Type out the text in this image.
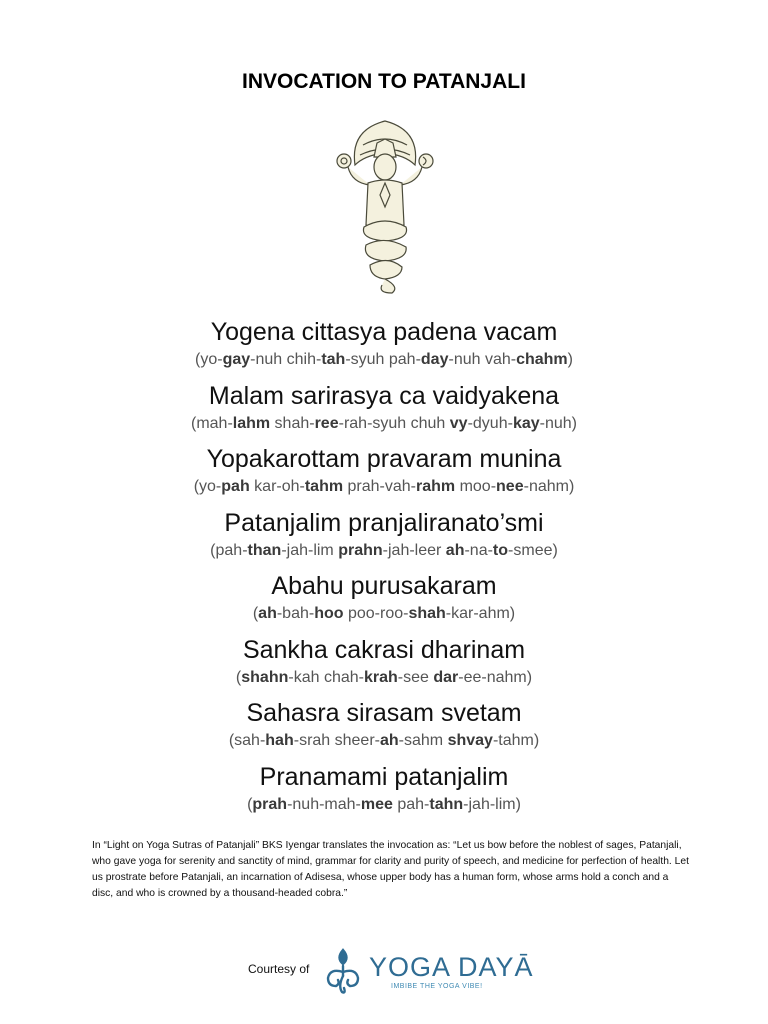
INVOCATION TO PATANJALI
Yogena cittasya padena vacam
(yo-gay-nuh chih-tah-syuh pah-day-nuh vah-chahm)
Malam sarirasya ca vaidyakena
(mah-lahm shah-ree-rah-syuh chuh vy-dyuh-kay-nuh)
Yopakarottam pravaram munina
(yo-pah kar-oh-tahm prah-vah-rahm moo-nee-nahm)
Patanjalim pranjaliranato’smi
(pah-than-jah-lim prahn-jah-leer ah-na-to-smee)
Abahu purusakaram
(ah-bah-hoo poo-roo-shah-kar-ahm)
Sankha cakrasi dharinam
(shahn-kah chah-krah-see dar-ee-nahm)
Sahasra sirasam svetam
(sah-hah-srah sheer-ah-sahm shvay-tahm)
Pranamami patanjalim
(prah-nuh-mah-mee pah-tahn-jah-lim)
In “Light on Yoga Sutras of Patanjali” BKS Iyengar translates the invocation as: “Let us bow before the noblest of sages, Patanjali, who gave yoga for serenity and sanctity of mind, grammar for clarity and purity of speech, and medicine for perfection of health. Let us prostrate before Patanjali, an incarnation of Adisesa, whose upper body has a human form, whose arms hold a conch and a disc, and who is crowned by a thousand-headed cobra.”
Courtesy of YOGA DAYĀ
IMBIBE THE YOGA VIBE!
